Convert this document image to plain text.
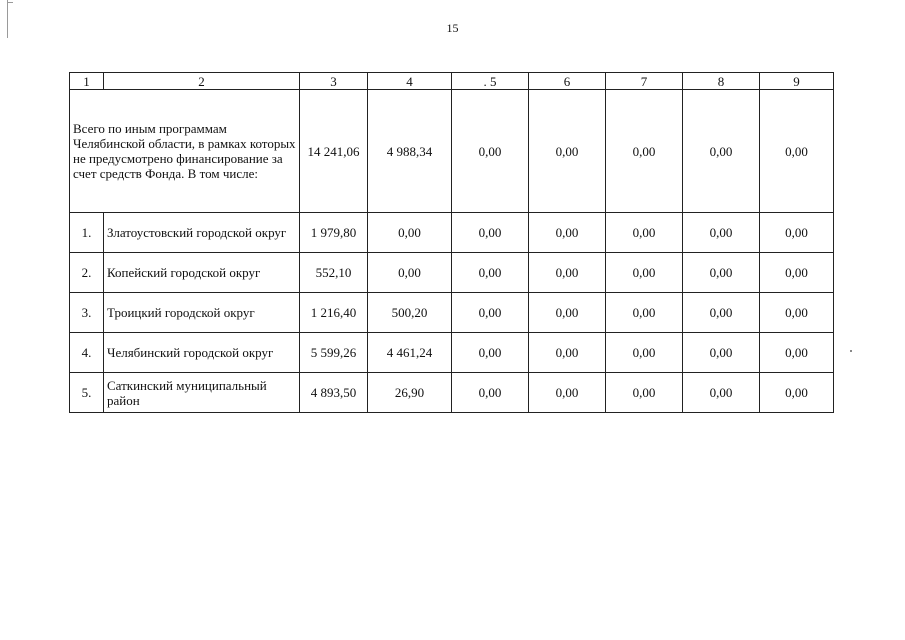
15
1	2	3	4	. 5	6	7	8	9
Всего по иным программам Челябинской области, в рамках которых не предусмотрено финансирование за счет средств Фонда. В том числе:		14 241,06	4 988,34	0,00	0,00	0,00	0,00	0,00
1.	Златоустовский городской округ	1 979,80	0,00	0,00	0,00	0,00	0,00	0,00
2.	Копейский городской округ	552,10	0,00	0,00	0,00	0,00	0,00	0,00
3.	Троицкий городской округ	1 216,40	500,20	0,00	0,00	0,00	0,00	0,00
4.	Челябинский городской округ	5 599,26	4 461,24	0,00	0,00	0,00	0,00	0,00
5.	Саткинский муниципальный район	4 893,50	26,90	0,00	0,00	0,00	0,00	0,00
